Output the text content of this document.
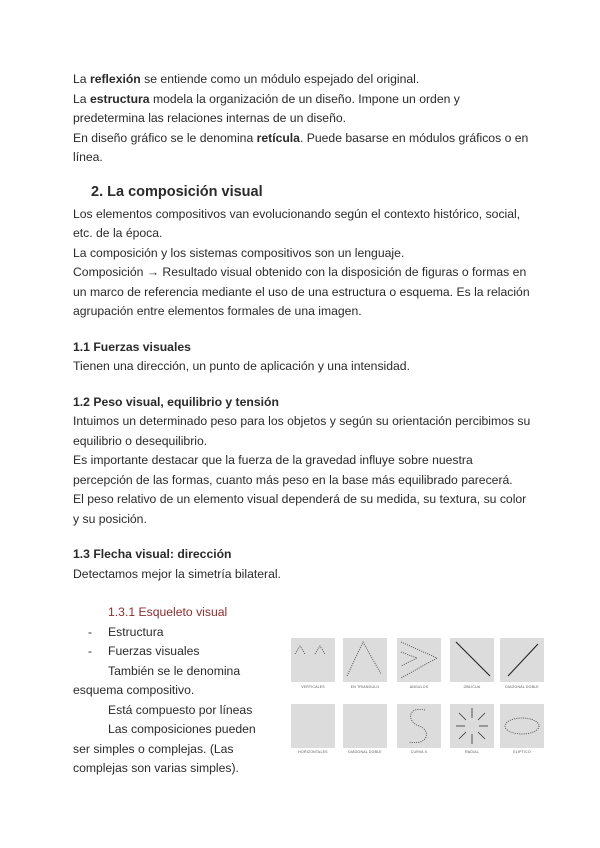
La reflexión se entiende como un módulo espejado del original.

La estructura modela la organización de un diseño. Impone un orden y predetermina las relaciones internas de un diseño.

En diseño gráfico se le denomina retícula. Puede basarse en módulos gráficos o en línea.

2. La composición visual

Los elementos compositivos van evolucionando según el contexto histórico, social, etc. de la época.

La composición y los sistemas compositivos son un lenguaje.

Composición → Resultado visual obtenido con la disposición de figuras o formas en un marco de referencia mediante el uso de una estructura o esquema. Es la relación agrupación entre elementos formales de una imagen.

1.1 Fuerzas visuales

Tienen una dirección, un punto de aplicación y una intensidad.

1.2 Peso visual, equilibrio y tensión

Intuimos un determinado peso para los objetos y según su orientación percibimos su equilibrio o desequilibrio.

Es importante destacar que la fuerza de la gravedad influye sobre nuestra percepción de las formas, cuanto más peso en la base más equilibrado parecerá.

El peso relativo de un elemento visual dependerá de su medida, su textura, su color y su posición.

1.3 Flecha visual: dirección

Detectamos mejor la simetría bilateral.

1.3.1 Esqueleto visual
- Estructura
- Fuerzas visuales

También se le denomina

esquema compositivo.

Está compuesto por líneas

Las composiciones pueden

ser simples o complejas. (Las complejas son varias simples).

VERTICALES	EN TRIANGULO	ANGULOS	OBLICUA	DIAGONAL DOBLE
HORIZONTALES	DIAGONAL DOBLE	CURVA S	RADIAL	ELIPTICO
